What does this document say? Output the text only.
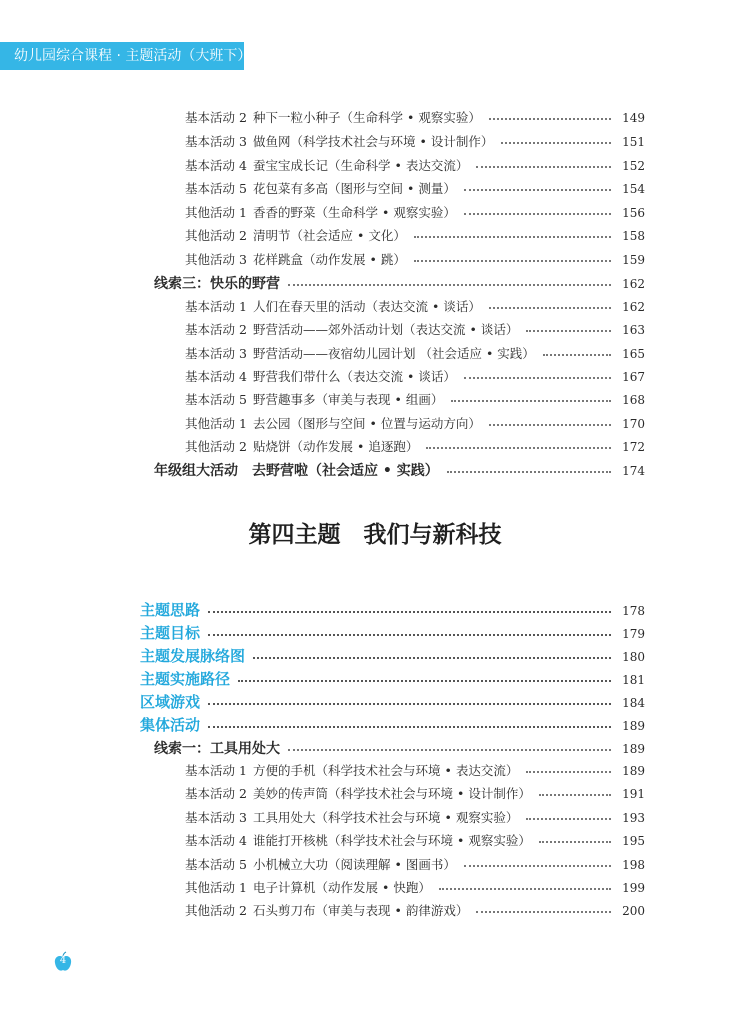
幼儿园综合课程 · 主题活动（大班下）
基本活动 2 种下一粒小种子（生命科学 • 观察实验）	149
基本活动 3 做鱼网（科学技术社会与环境 • 设计制作）	151
基本活动 4 蚕宝宝成长记（生命科学 • 表达交流）	152
基本活动 5 花包菜有多高（图形与空间 • 测量）	154
其他活动 1 香香的野菜（生命科学 • 观察实验）	156
其他活动 2 清明节（社会适应 • 文化）	158
其他活动 3 花样跳盒（动作发展 • 跳）	159
线索三：快乐的野营	162
基本活动 1 人们在春天里的活动（表达交流 • 谈话）	162
基本活动 2 野营活动——郊外活动计划（表达交流 • 谈话）	163
基本活动 3 野营活动——夜宿幼儿园计划 （社会适应 • 实践）	165
基本活动 4 野营我们带什么（表达交流 • 谈话）	167
基本活动 5 野营趣事多（审美与表现 • 组画）	168
其他活动 1 去公园（图形与空间 • 位置与运动方向）	170
其他活动 2 贴烧饼（动作发展 • 追逐跑）	172
年级组大活动　去野营啦（社会适应 • 实践）	174
第四主题　我们与新科技
主题思路	178
主题目标	179
主题发展脉络图	180
主题实施路径	181
区域游戏	184
集体活动	189
线索一：工具用处大	189
基本活动 1 方便的手机（科学技术社会与环境 • 表达交流）	189
基本活动 2 美妙的传声筒（科学技术社会与环境 • 设计制作）	191
基本活动 3 工具用处大（科学技术社会与环境 • 观察实验）	193
基本活动 4 谁能打开核桃（科学技术社会与环境 • 观察实验）	195
基本活动 5 小机械立大功（阅读理解 • 图画书）	198
其他活动 1 电子计算机（动作发展 • 快跑）	199
其他活动 2 石头剪刀布（审美与表现 • 韵律游戏）	200
4
